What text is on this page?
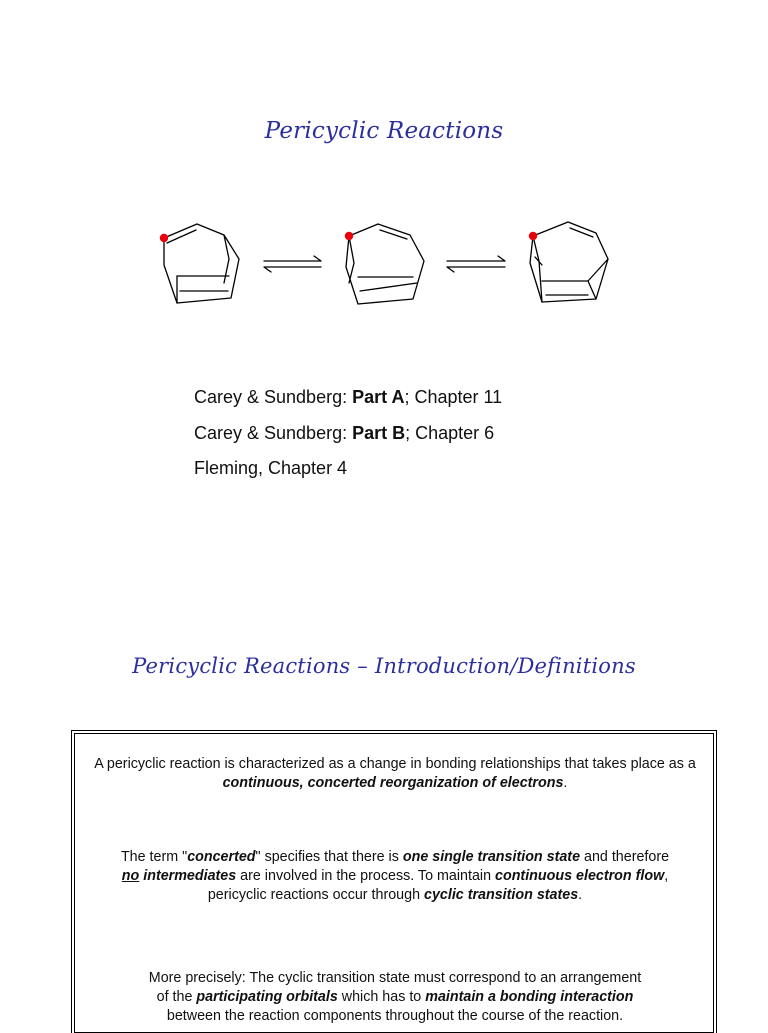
Pericyclic Reactions
Carey & Sundberg: Part A; Chapter 11
Carey & Sundberg: Part B; Chapter 6
Fleming, Chapter 4
Pericyclic Reactions – Introduction/Definitions

A pericyclic reaction is characterized as a change in bonding relationships that takes place as a continuous, concerted reorganization of electrons.

The term "concerted" specifies that there is one single transition state and therefore
no intermediates are involved in the process. To maintain continuous electron flow,
pericyclic reactions occur through cyclic transition states.

More precisely: The cyclic transition state must correspond to an arrangement
of the participating orbitals which has to maintain a bonding interaction
between the reaction components throughout the course of the reaction.
